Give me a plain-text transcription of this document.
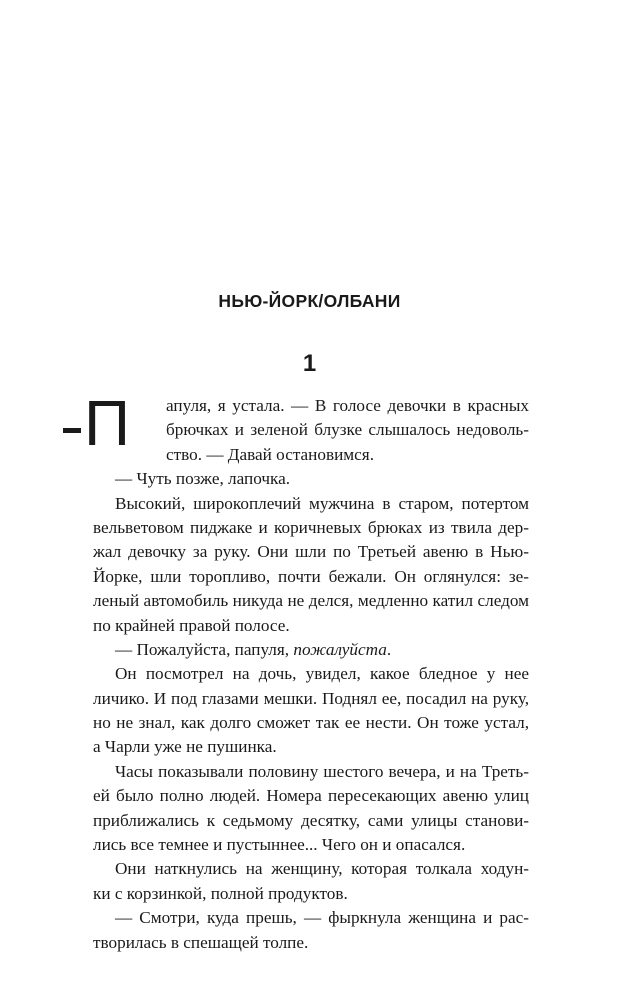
НЬЮ-ЙОРК/ОЛБАНИ
1
П	апуля, я устала. — В голосе девочки в красных
брючках и зеленой блузке слышалось недоволь-
ство. — Давай остановимся.
— Чуть позже, лапочка.
Высокий, широкоплечий мужчина в старом, потертом
вельветовом пиджаке и коричневых брюках из твила дер-
жал девочку за руку. Они шли по Третьей авеню в Нью-
Йорке, шли торопливо, почти бежали. Он оглянулся: зе-
леный автомобиль никуда не делся, медленно катил следом
по крайней правой полосе.
— Пожалуйста, папуля, пожалуйста.
Он посмотрел на дочь, увидел, какое бледное у нее
личико. И под глазами мешки. Поднял ее, посадил на руку,
но не знал, как долго сможет так ее нести. Он тоже устал,
а Чарли уже не пушинка.
Часы показывали половину шестого вечера, и на Треть-
ей было полно людей. Номера пересекающих авеню улиц
приближались к седьмому десятку, сами улицы станови-
лись все темнее и пустыннее... Чего он и опасался.
Они наткнулись на женщину, которая толкала ходун-
ки с корзинкой, полной продуктов.
— Смотри, куда прешь, — фыркнула женщина и рас-
творилась в спешащей толпе.
